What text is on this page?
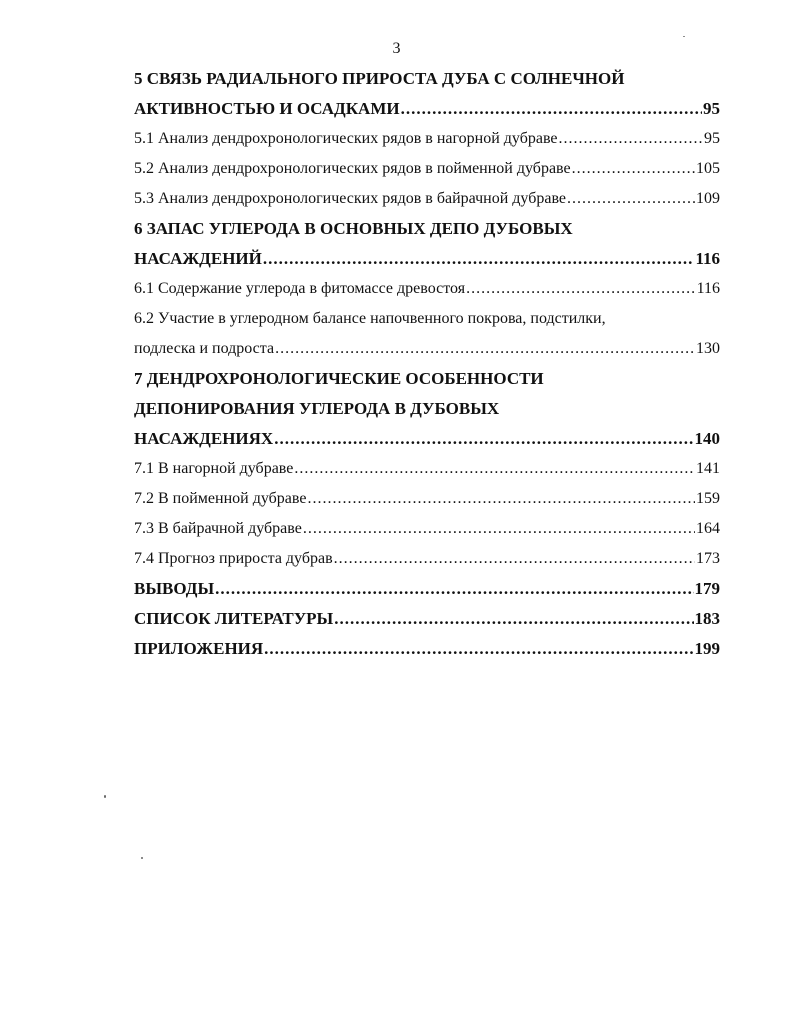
3
5 СВЯЗЬ РАДИАЛЬНОГО ПРИРОСТА ДУБА С СОЛНЕЧНОЙ
АКТИВНОСТЬЮ И ОСАДКАМИ .....	95
5.1 Анализ дендрохронологических рядов в нагорной дубраве .....	95
5.2 Анализ дендрохронологических рядов в пойменной дубраве .....	105
5.3 Анализ дендрохронологических рядов в байрачной дубраве .....	109
6 ЗАПАС УГЛЕРОДА В ОСНОВНЫХ ДЕПО ДУБОВЫХ
НАСАЖДЕНИЙ .....	116
6.1 Содержание углерода в фитомассе древостоя .....	116
6.2 Участие в углеродном балансе напочвенного покрова, подстилки,
подлеска и подроста .....	130
7 ДЕНДРОХРОНОЛОГИЧЕСКИЕ ОСОБЕННОСТИ
ДЕПОНИРОВАНИЯ УГЛЕРОДА В ДУБОВЫХ
НАСАЖДЕНИЯХ .....	140
7.1 В нагорной дубраве .....	141
7.2 В пойменной дубраве .....	159
7.3 В байрачной дубраве .....	164
7.4 Прогноз прироста дубрав .....	173
ВЫВОДЫ .....	179
СПИСОК ЛИТЕРАТУРЫ .....	183
ПРИЛОЖЕНИЯ .....	199
